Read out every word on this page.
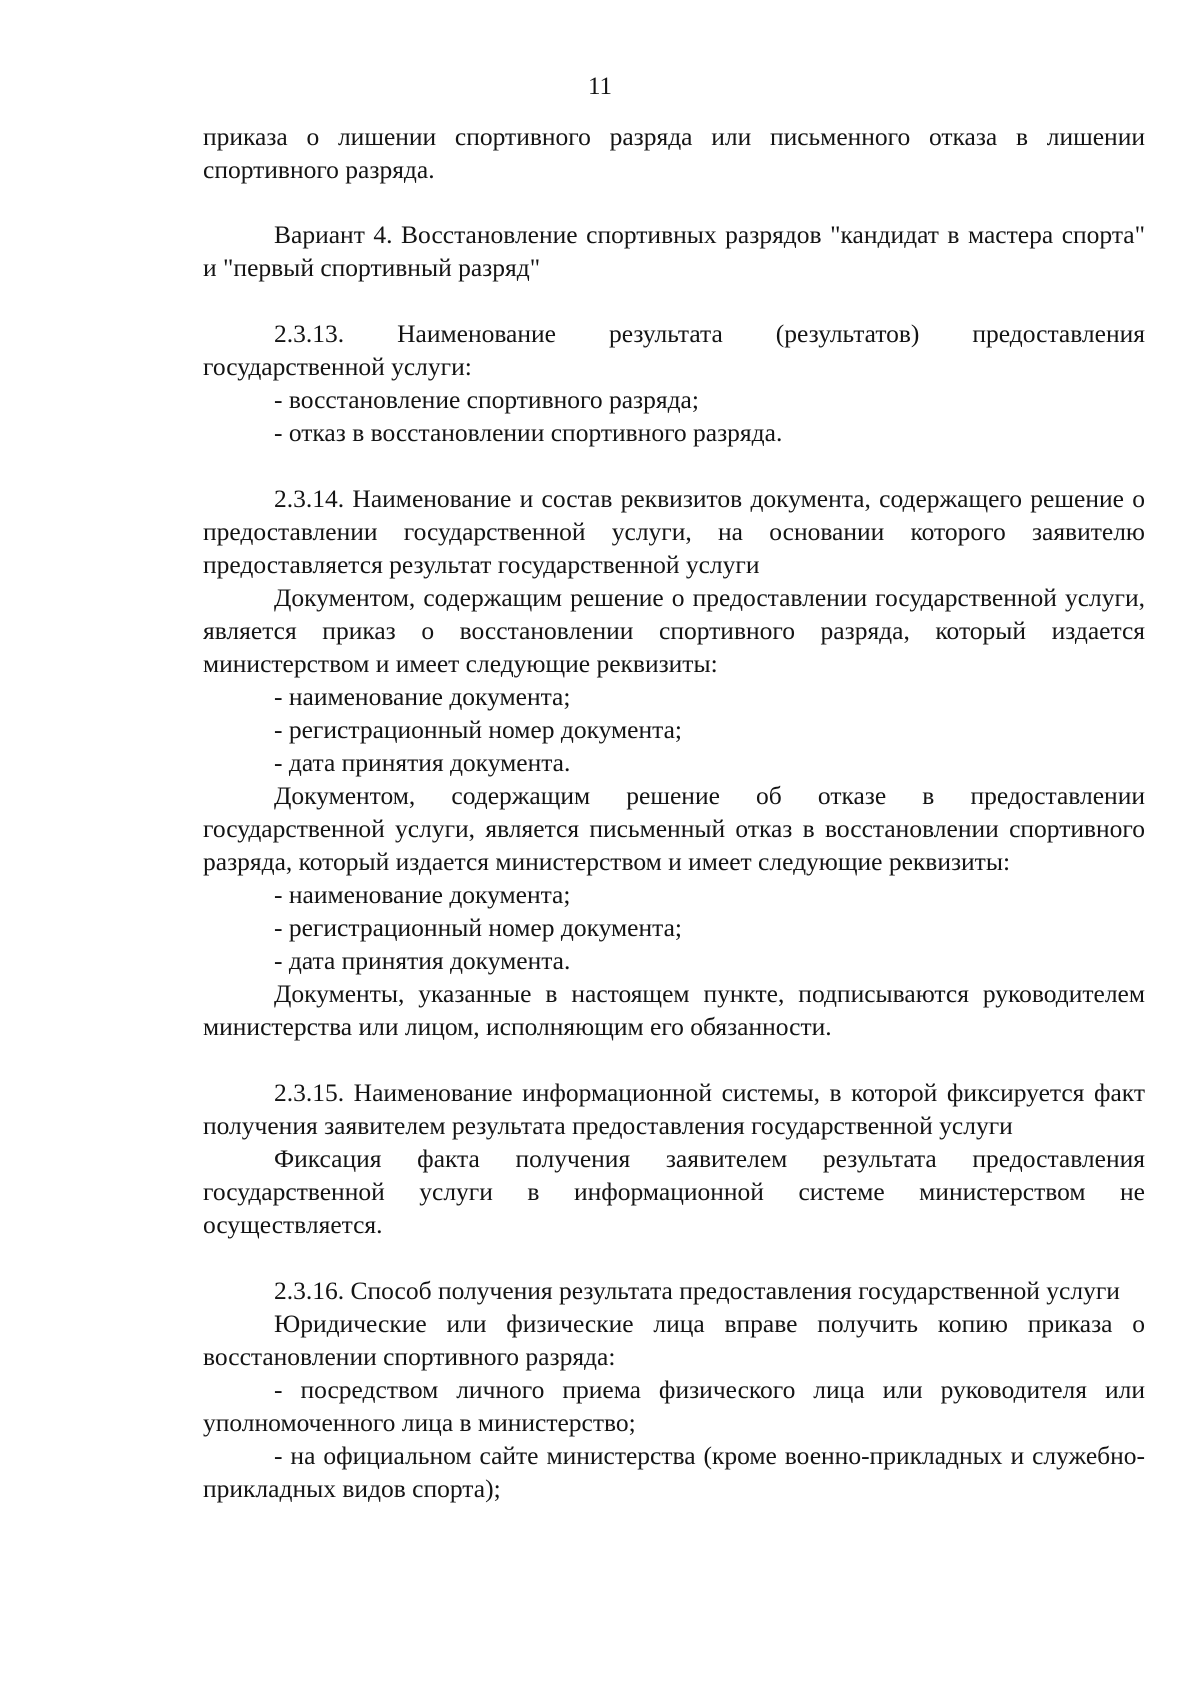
11

приказа о лишении спортивного разряда или письменного отказа в лишении спортивного разряда.

Вариант 4. Восстановление спортивных разрядов "кандидат в мастера спорта" и "первый спортивный разряд"

2.3.13. Наименование результата (результатов) предоставления государственной услуги:

- восстановление спортивного разряда;

- отказ в восстановлении спортивного разряда.

2.3.14. Наименование и состав реквизитов документа, содержащего решение о предоставлении государственной услуги, на основании которого заявителю предоставляется результат государственной услуги

Документом, содержащим решение о предоставлении государственной услуги, является приказ о восстановлении спортивного разряда, который издается министерством и имеет следующие реквизиты:

- наименование документа;

- регистрационный номер документа;

- дата принятия документа.

Документом, содержащим решение об отказе в предоставлении государственной услуги, является письменный отказ в восстановлении спортивного разряда, который издается министерством и имеет следующие реквизиты:

- наименование документа;

- регистрационный номер документа;

- дата принятия документа.

Документы, указанные в настоящем пункте, подписываются руководителем министерства или лицом, исполняющим его обязанности.

2.3.15. Наименование информационной системы, в которой фиксируется факт получения заявителем результата предоставления государственной услуги

Фиксация факта получения заявителем результата предоставления государственной услуги в информационной системе министерством не осуществляется.

2.3.16. Способ получения результата предоставления государственной услуги

Юридические или физические лица вправе получить копию приказа о восстановлении спортивного разряда:

- посредством личного приема физического лица или руководителя или уполномоченного лица в министерство;

- на официальном сайте министерства (кроме военно-прикладных и служебно-прикладных видов спорта);
